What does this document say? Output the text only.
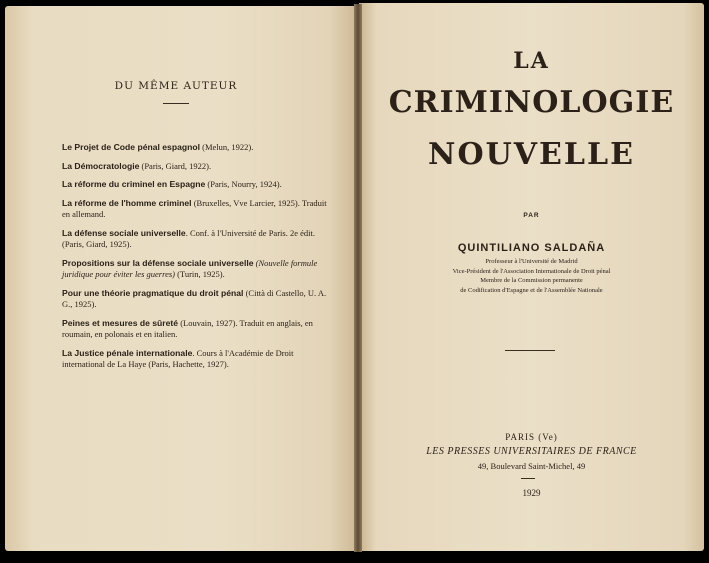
DU MÊME AUTEUR
Le Projet de Code pénal espagnol (Melun, 1922).
La Démocratologie (Paris, Giard, 1922).
La réforme du criminel en Espagne (Paris, Nourry, 1924).
La réforme de l'homme criminel (Bruxelles, Vve Larcier, 1925). Traduit en allemand.
La défense sociale universelle. Conf. à l'Université de Paris. 2e édit. (Paris, Giard, 1925).
Propositions sur la défense sociale universelle (Nouvelle formule juridique pour éviter les guerres) (Turin, 1925).
Pour une théorie pragmatique du droit pénal (Città di Castello, U. A. G., 1925).
Peines et mesures de sûreté (Louvain, 1927). Traduit en anglais, en roumain, en polonais et en italien.
La Justice pénale internationale. Cours à l'Académie de Droit international de La Haye (Paris, Hachette, 1927).
LA
CRIMINOLOGIE
NOUVELLE
PAR
QUINTILIANO SALDAÑA
Professeur à l'Université de Madrid
Vice-Président de l'Association Internationale de Droit pénal
Membre de la Commission permanente
de Codification d'Espagne et de l'Assemblée Nationale
PARIS (Ve)
LES PRESSES UNIVERSITAIRES DE FRANCE
49, Boulevard Saint-Michel, 49
1929
